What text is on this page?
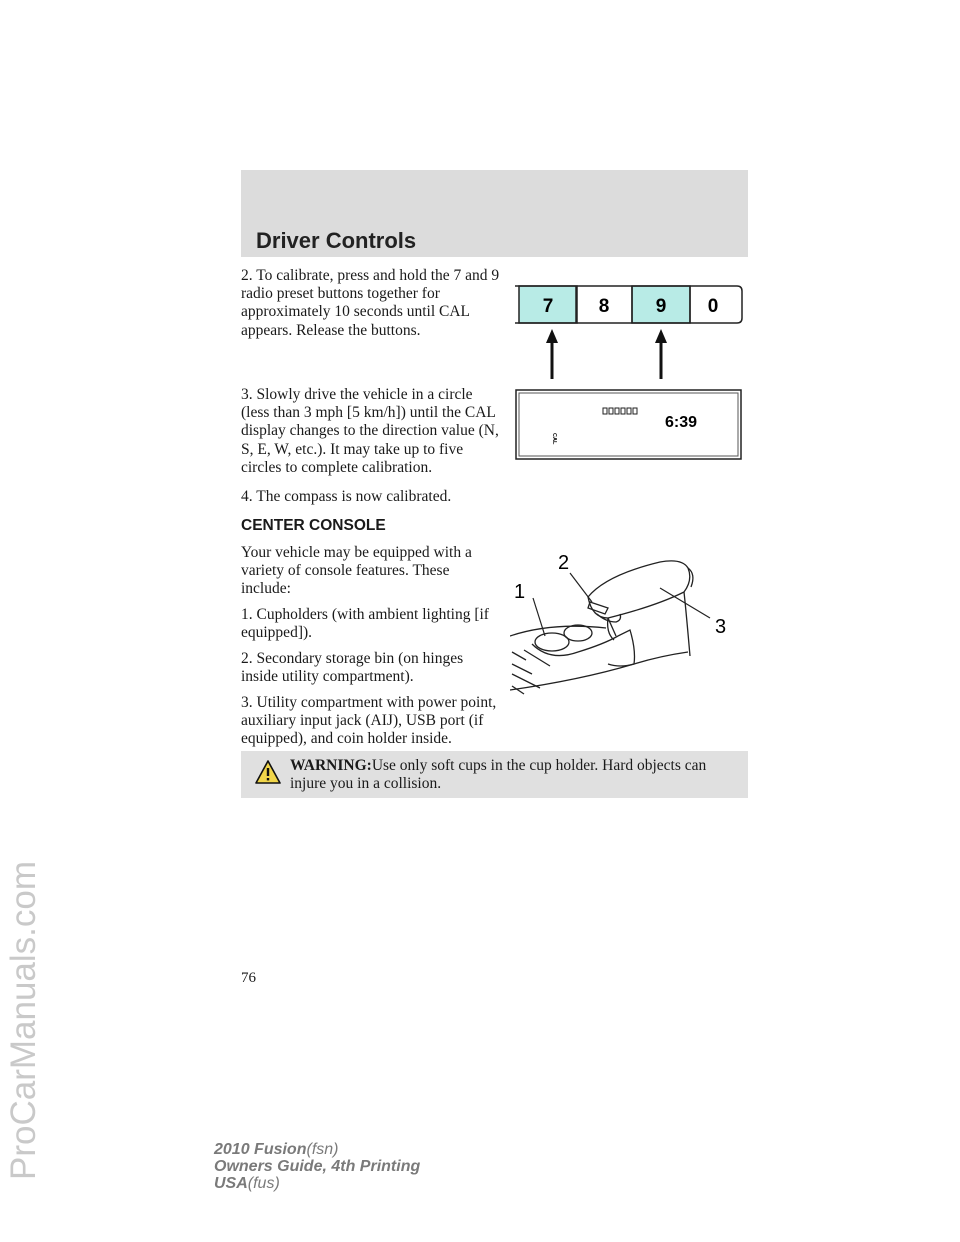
ProCarManuals.com
Driver Controls
2. To calibrate, press and hold the 7 and 9 radio preset buttons together for approximately 10 seconds until CAL appears. Release the buttons.
7 8 9 0
3. Slowly drive the vehicle in a circle (less than 3 mph [5 km/h]) until the CAL display changes to the direction value (N, S, E, W, etc.). It may take up to five circles to complete calibration.
4. The compass is now calibrated.
6:39
CAL
CENTER CONSOLE
Your vehicle may be equipped with a variety of console features. These include:
1. Cupholders (with ambient lighting [if equipped]).
2. Secondary storage bin (on hinges inside utility compartment).
3. Utility compartment with power point, auxiliary input jack (AIJ), USB port (if equipped), and coin holder inside.
1
2
3
WARNING:Use only soft cups in the cup holder. Hard objects can injure you in a collision.
76
2010 Fusion(fsn)
Owners Guide, 4th Printing
USA(fus)
